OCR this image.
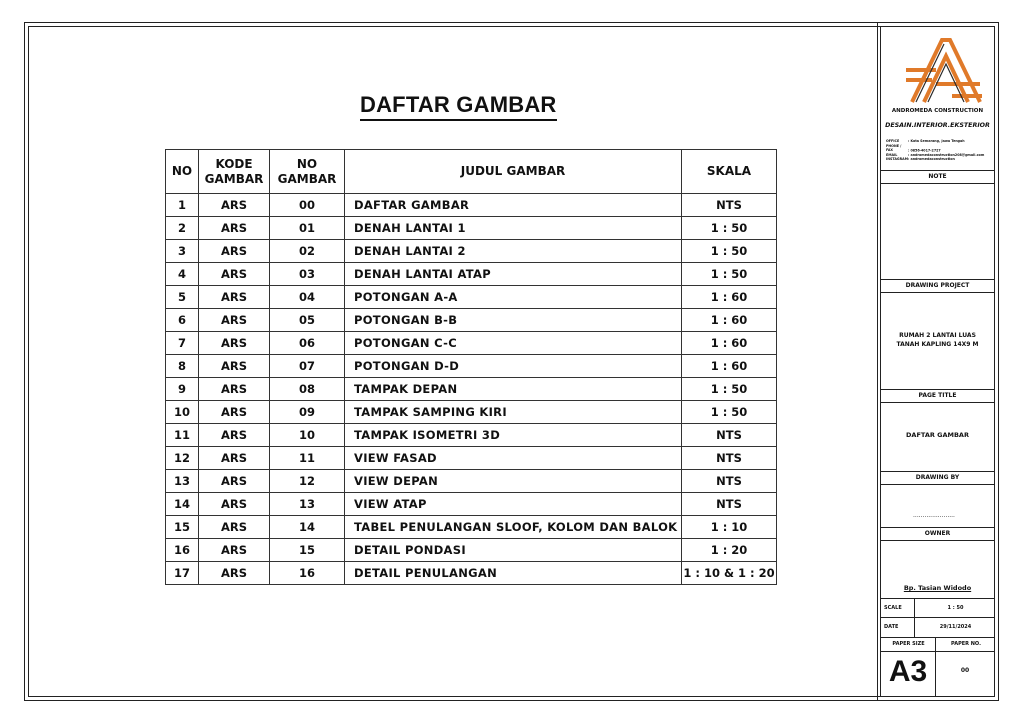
DAFTAR GAMBAR
NO	KODE GAMBAR	NO GAMBAR	JUDUL GAMBAR	SKALA
1	ARS	00	DAFTAR GAMBAR	NTS
2	ARS	01	DENAH LANTAI 1	1 : 50
3	ARS	02	DENAH LANTAI 2	1 : 50
4	ARS	03	DENAH LANTAI ATAP	1 : 50
5	ARS	04	POTONGAN A-A	1 : 60
6	ARS	05	POTONGAN B-B	1 : 60
7	ARS	06	POTONGAN C-C	1 : 60
8	ARS	07	POTONGAN D-D	1 : 60
9	ARS	08	TAMPAK DEPAN	1 : 50
10	ARS	09	TAMPAK SAMPING KIRI	1 : 50
11	ARS	10	TAMPAK ISOMETRI 3D	NTS
12	ARS	11	VIEW FASAD	NTS
13	ARS	12	VIEW DEPAN	NTS
14	ARS	13	VIEW ATAP	NTS
15	ARS	14	TABEL PENULANGAN SLOOF, KOLOM DAN BALOK	1 : 10
16	ARS	15	DETAIL PONDASI	1 : 20
17	ARS	16	DETAIL PENULANGAN	1 : 10 & 1 : 20
ANDROMEDA CONSTRUCTION
DESAIN.INTERIOR.EKSTERIOR
OFFICE	: Kota Semarang, Jawa Tengah
PHONE / FAX	: 0856-4017-2727
EMAIL	: andromedaconstruction208@gmail.com
INSTAGRAM: andromedaconstruction
NOTE
DRAWING PROJECT
RUMAH 2 LANTAI LUAS
TANAH KAPLING 14X9 M
PAGE TITLE
DAFTAR GAMBAR
DRAWING BY
......................
OWNER
Bp. Tasian Widodo
SCALE	1 : 50
DATE	29/11/2024
PAPER SIZE	PAPER NO.
A3	00
